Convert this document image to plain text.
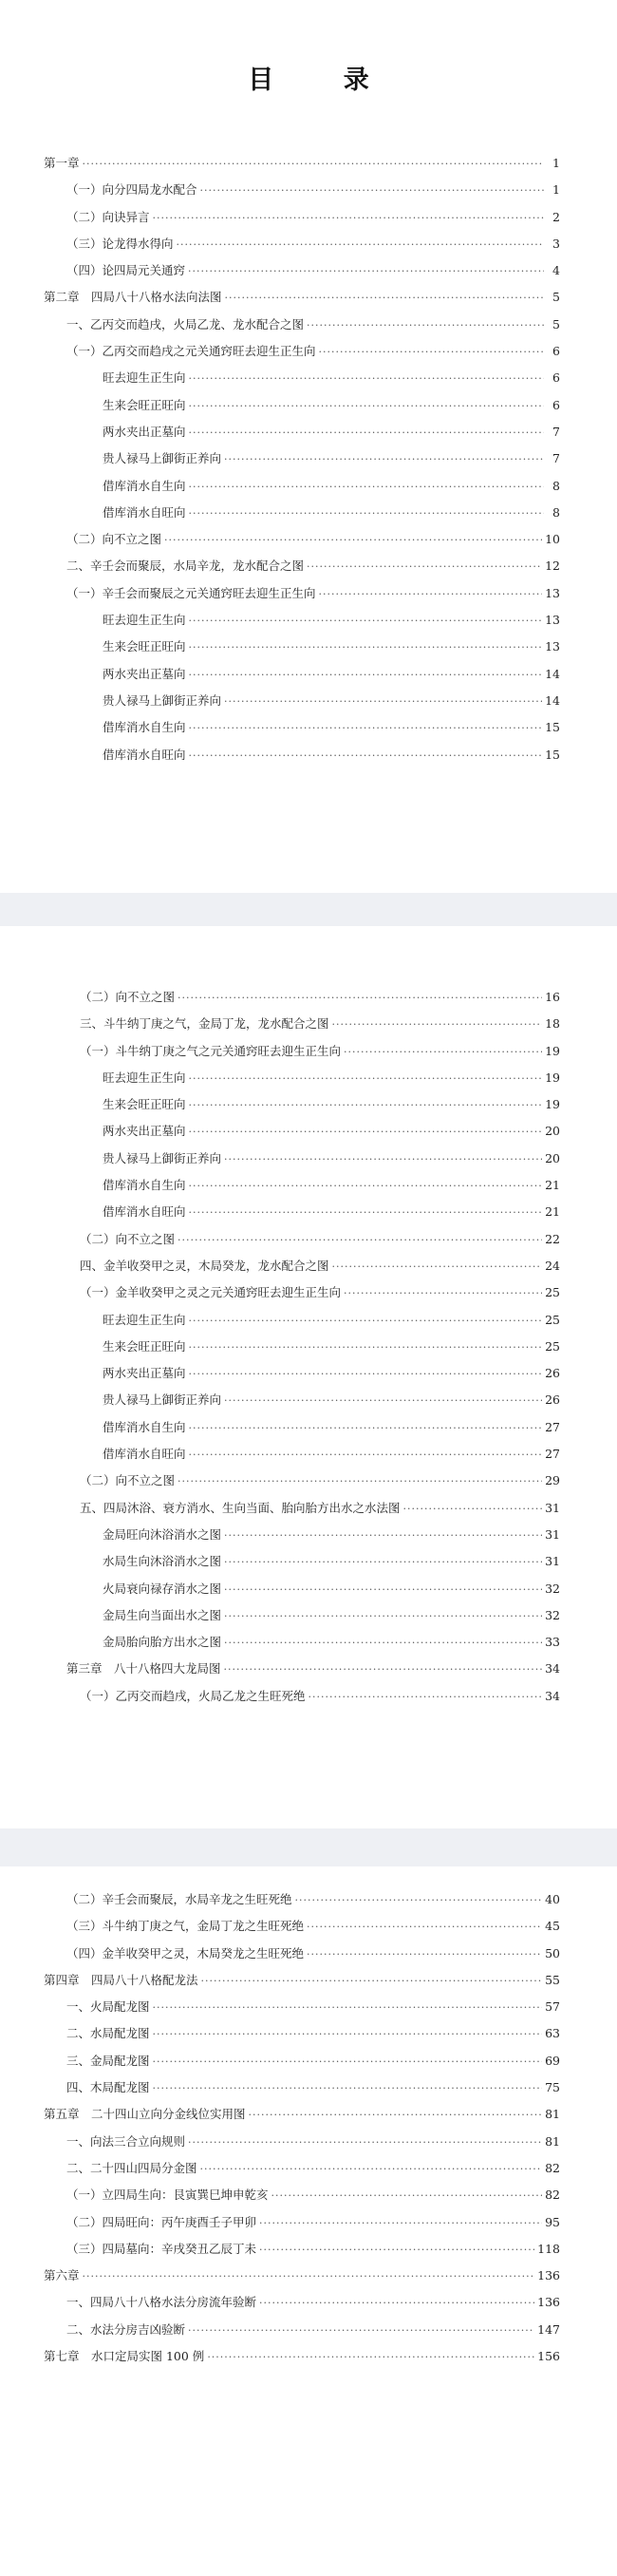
目 录
第一章 ·····	1
（一）向分四局龙水配合 ·····	1
（二）向诀异言 ·····	2
（三）论龙得水得向 ·····	3
（四）论四局元关通窍 ·····	4
第二章　四局八十八格水法向法图 ·····	5
一、乙丙交而趋戌，火局乙龙、龙水配合之图 ·····	5
（一）乙丙交而趋戌之元关通窍旺去迎生正生向 ·····	6
旺去迎生正生向 ·····	6
生来会旺正旺向 ·····	6
两水夹出正墓向 ·····	7
贵人禄马上御街正养向 ·····	7
借库消水自生向 ·····	8
借库消水自旺向 ·····	8
（二）向不立之图 ·····	10
二、辛壬会而聚辰，水局辛龙，龙水配合之图 ·····	12
（一）辛壬会而聚辰之元关通窍旺去迎生正生向 ·····	13
旺去迎生正生向 ·····	13
生来会旺正旺向 ·····	13
两水夹出正墓向 ·····	14
贵人禄马上御街正养向 ·····	14
借库消水自生向 ·····	15
借库消水自旺向 ·····	15
（二）向不立之图 ·····	16
三、斗牛纳丁庚之气，金局丁龙，龙水配合之图 ·····	18
（一）斗牛纳丁庚之气之元关通窍旺去迎生正生向 ·····	19
旺去迎生正生向 ·····	19
生来会旺正旺向 ·····	19
两水夹出正墓向 ·····	20
贵人禄马上御街正养向 ·····	20
借库消水自生向 ·····	21
借库消水自旺向 ·····	21
（二）向不立之图 ·····	22
四、金羊收癸甲之灵，木局癸龙，龙水配合之图 ·····	24
（一）金羊收癸甲之灵之元关通窍旺去迎生正生向 ·····	25
旺去迎生正生向 ·····	25
生来会旺正旺向 ·····	25
两水夹出正墓向 ·····	26
贵人禄马上御街正养向 ·····	26
借库消水自生向 ·····	27
借库消水自旺向 ·····	27
（二）向不立之图 ·····	29
五、四局沐浴、衰方消水、生向当面、胎向胎方出水之水法图 ·····	31
金局旺向沐浴消水之图 ·····	31
水局生向沐浴消水之图 ·····	31
火局衰向禄存消水之图 ·····	32
金局生向当面出水之图 ·····	32
金局胎向胎方出水之图 ·····	33
第三章　八十八格四大龙局图 ·····	34
（一）乙丙交而趋戌，火局乙龙之生旺死绝 ·····	34
（二）辛壬会而聚辰，水局辛龙之生旺死绝 ·····	40
（三）斗牛纳丁庚之气，金局丁龙之生旺死绝 ·····	45
（四）金羊收癸甲之灵，木局癸龙之生旺死绝 ·····	50
第四章　四局八十八格配龙法 ·····	55
一、火局配龙图 ·····	57
二、水局配龙图 ·····	63
三、金局配龙图 ·····	69
四、木局配龙图 ·····	75
第五章　二十四山立向分金线位实用图 ·····	81
一、向法三合立向规则 ·····	81
二、二十四山四局分金图 ·····	82
（一）立四局生向：艮寅巽巳坤申乾亥 ·····	82
（二）四局旺向：丙午庚酉壬子甲卯 ·····	95
（三）四局墓向：辛戌癸丑乙辰丁未 ·····	118
第六章 ·····	136
一、四局八十八格水法分房流年验断 ·····	136
二、水法分房吉凶验断 ·····	147
第七章　水口定局实图 100 例 ·····	156
